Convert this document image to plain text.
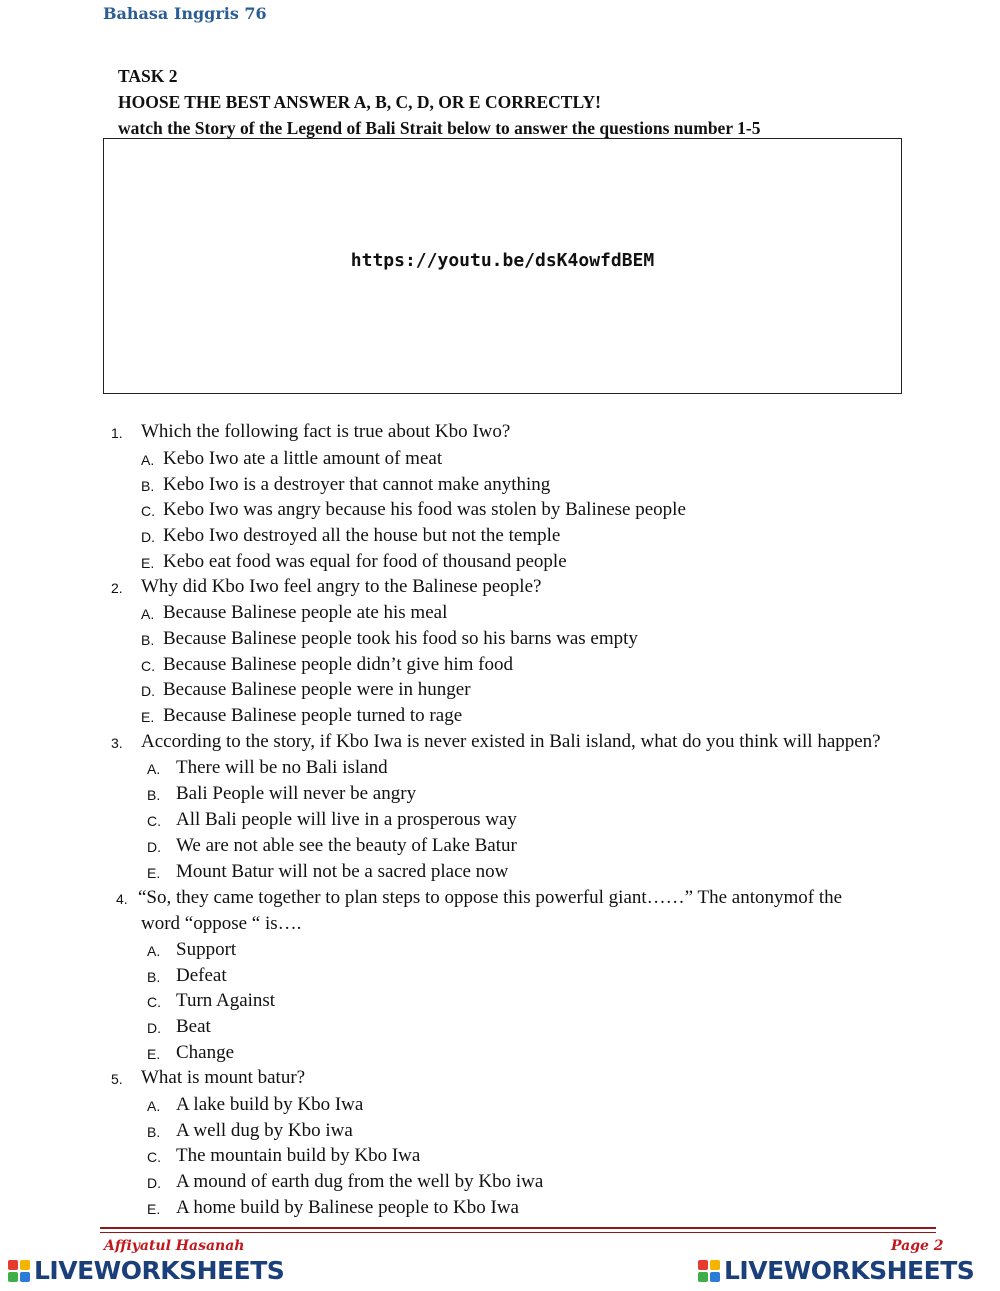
Bahasa Inggris 76
TASK 2
HOOSE THE BEST ANSWER A, B, C, D, OR E CORRECTLY!
watch the Story of the Legend of Bali Strait below to answer the questions number 1-5
https://youtu.be/dsK4owfdBEM
1. Which the following fact is true about Kbo Iwo?
A. Kebo Iwo ate a little amount of meat
B. Kebo Iwo is a destroyer that cannot make anything
C. Kebo Iwo was angry because his food was stolen by Balinese people
D. Kebo Iwo destroyed all the house but not the temple
E. Kebo eat food was equal for food of thousand people
2. Why did Kbo Iwo feel angry to the Balinese people?
A. Because Balinese people ate his meal
B. Because Balinese people took his food so his barns was empty
C. Because Balinese people didn’t give him food
D. Because Balinese people were in hunger
E. Because Balinese people turned to rage
3. According to the story, if Kbo Iwa is never existed in Bali island, what do you think will happen?
A. There will be no Bali island
B. Bali People will never be angry
C. All Bali people will live in a prosperous way
D. We are not able see the beauty of Lake Batur
E. Mount Batur will not be a sacred place now
4. “So, they came together to plan steps to oppose this powerful giant……” The antonymof the
word “oppose “ is….
A. Support
B. Defeat
C. Turn Against
D. Beat
E. Change
5. What is mount batur?
A. A lake build by Kbo Iwa
B. A well dug by Kbo iwa
C. The mountain build by Kbo Iwa
D. A mound of earth dug from the well by Kbo iwa
E. A home build by Balinese people to Kbo Iwa
Affiyatul Hasanah	Page 2
LIVEWORKSHEETS	LIVEWORKSHEETS
